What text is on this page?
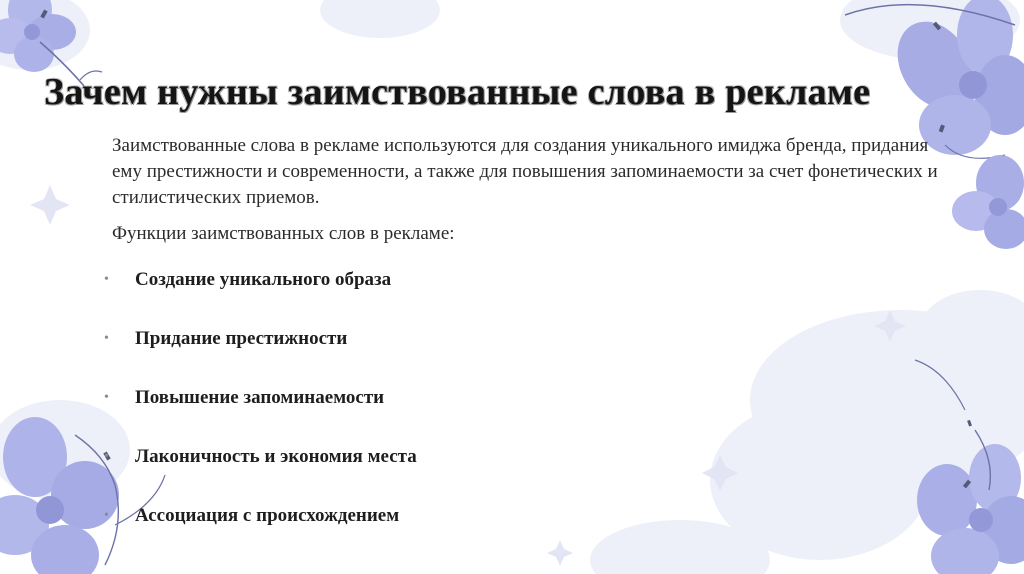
Зачем нужны заимствованные слова в рекламе

Заимствованные слова в рекламе используются для создания уникального имиджа бренда, придания ему престижности и современности, а также для повышения запоминаемости за счет фонетических и стилистических приемов.

Функции заимствованных слов в рекламе:

•	Создание уникального образа
•	Придание престижности
•	Повышение запоминаемости
•	Лаконичность и экономия места
•	Ассоциация с происхождением
